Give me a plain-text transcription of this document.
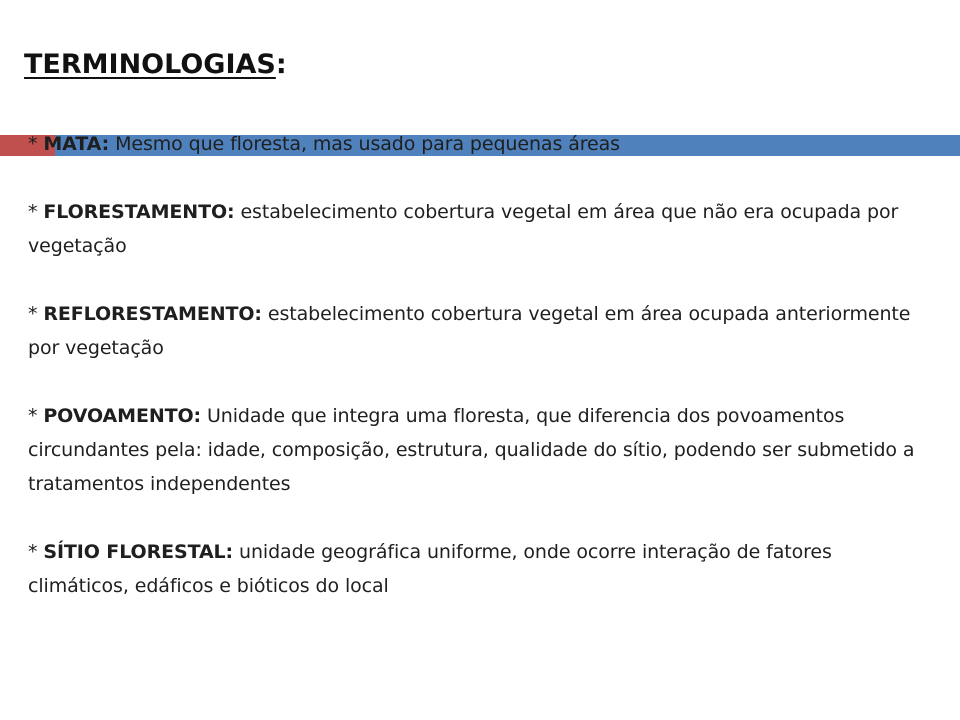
TERMINOLOGIAS:

* MATA: Mesmo que floresta, mas usado para pequenas áreas

* FLORESTAMENTO: estabelecimento cobertura vegetal em área que não era ocupada por vegetação

* REFLORESTAMENTO: estabelecimento cobertura vegetal em área ocupada anteriormente por vegetação

* POVOAMENTO: Unidade que integra uma floresta, que diferencia dos povoamentos circundantes pela: idade, composição, estrutura, qualidade do sítio, podendo ser submetido a tratamentos independentes

* SÍTIO FLORESTAL: unidade geográfica uniforme, onde ocorre interação de fatores climáticos, edáficos e bióticos do local
